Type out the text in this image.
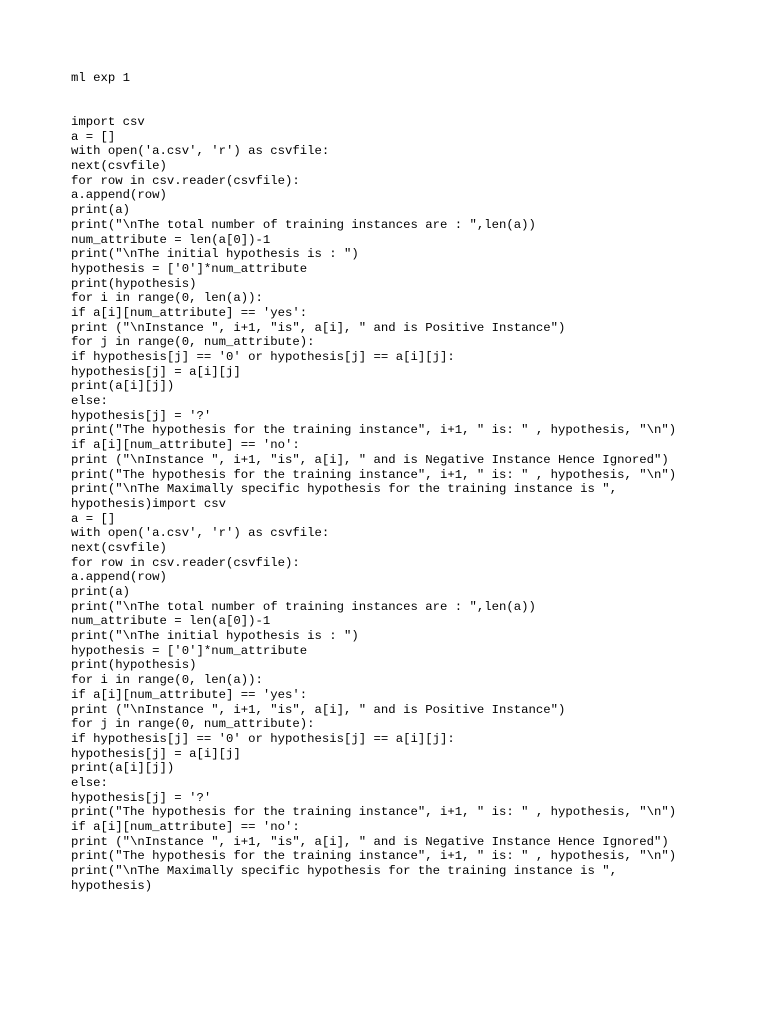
ml exp 1
import csv
a = []
with open('a.csv', 'r') as csvfile:
next(csvfile)
for row in csv.reader(csvfile):
a.append(row)
print(a)
print("\nThe total number of training instances are : ",len(a))
num_attribute = len(a[0])-1
print("\nThe initial hypothesis is : ")
hypothesis = ['0']*num_attribute
print(hypothesis)
for i in range(0, len(a)):
if a[i][num_attribute] == 'yes':
print ("\nInstance ", i+1, "is", a[i], " and is Positive Instance")
for j in range(0, num_attribute):
if hypothesis[j] == '0' or hypothesis[j] == a[i][j]:
hypothesis[j] = a[i][j]
print(a[i][j])
else:
hypothesis[j] = '?'
print("The hypothesis for the training instance", i+1, " is: " , hypothesis, "\n")
if a[i][num_attribute] == 'no':
print ("\nInstance ", i+1, "is", a[i], " and is Negative Instance Hence Ignored")
print("The hypothesis for the training instance", i+1, " is: " , hypothesis, "\n")
print("\nThe Maximally specific hypothesis for the training instance is ",
hypothesis)import csv
a = []
with open('a.csv', 'r') as csvfile:
next(csvfile)
for row in csv.reader(csvfile):
a.append(row)
print(a)
print("\nThe total number of training instances are : ",len(a))
num_attribute = len(a[0])-1
print("\nThe initial hypothesis is : ")
hypothesis = ['0']*num_attribute
print(hypothesis)
for i in range(0, len(a)):
if a[i][num_attribute] == 'yes':
print ("\nInstance ", i+1, "is", a[i], " and is Positive Instance")
for j in range(0, num_attribute):
if hypothesis[j] == '0' or hypothesis[j] == a[i][j]:
hypothesis[j] = a[i][j]
print(a[i][j])
else:
hypothesis[j] = '?'
print("The hypothesis for the training instance", i+1, " is: " , hypothesis, "\n")
if a[i][num_attribute] == 'no':
print ("\nInstance ", i+1, "is", a[i], " and is Negative Instance Hence Ignored")
print("The hypothesis for the training instance", i+1, " is: " , hypothesis, "\n")
print("\nThe Maximally specific hypothesis for the training instance is ",
hypothesis)
